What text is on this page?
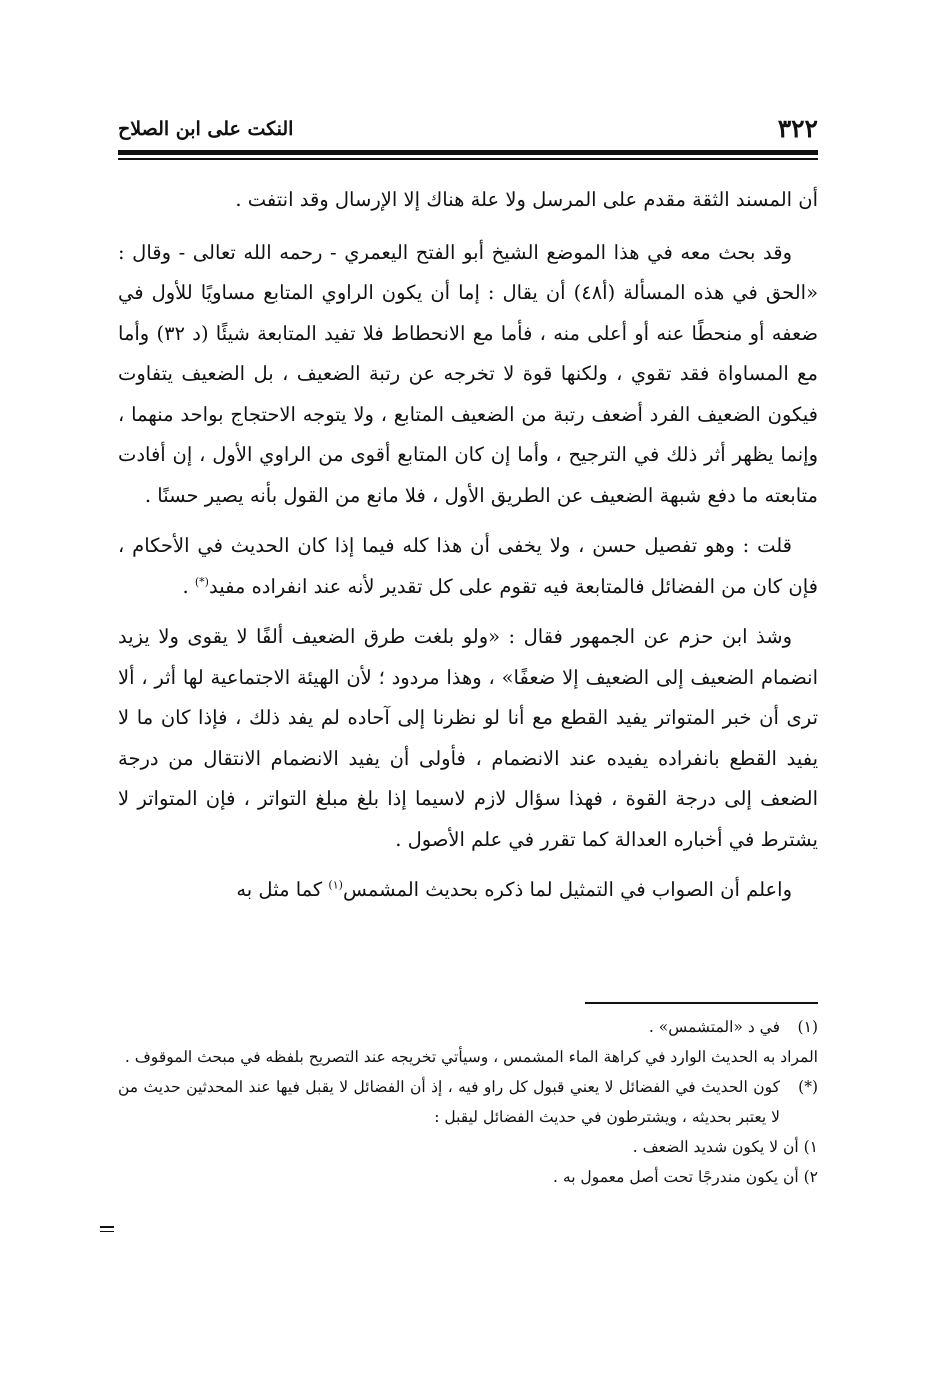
٣٢٢
النكت على ابن الصلاح

أن المسند الثقة مقدم على المرسل ولا علة هناك إلا الإرسال وقد انتفت .

وقد بحث معه في هذا الموضع الشيخ أبو الفتح اليعمري - رحمه الله تعالى - وقال : «الحق في هذه المسألة (أ٤٨) أن يقال : إما أن يكون الراوي المتابع مساويًا للأول في ضعفه أو منحطًا عنه أو أعلى منه ، فأما مع الانحطاط فلا تفيد المتابعة شيئًا (د ٣٢) وأما مع المساواة فقد تقوي ، ولكنها قوة لا تخرجه عن رتبة الضعيف ، بل الضعيف يتفاوت فيكون الضعيف الفرد أضعف رتبة من الضعيف المتابع ، ولا يتوجه الاحتجاج بواحد منهما ، وإنما يظهر أثر ذلك في الترجيح ، وأما إن كان المتابع أقوى من الراوي الأول ، إن أفادت متابعته ما دفع شبهة الضعيف عن الطريق الأول ، فلا مانع من القول بأنه يصير حسنًا .

قلت : وهو تفصيل حسن ، ولا يخفى أن هذا كله فيما إذا كان الحديث في الأحكام ، فإن كان من الفضائل فالمتابعة فيه تقوم على كل تقدير لأنه عند انفراده مفيد(*) .

وشذ ابن حزم عن الجمهور فقال : «ولو بلغت طرق الضعيف ألفًا لا يقوى ولا يزيد انضمام الضعيف إلى الضعيف إلا ضعفًا» ، وهذا مردود ؛ لأن الهيئة الاجتماعية لها أثر ، ألا ترى أن خبر المتواتر يفيد القطع مع أنا لو نظرنا إلى آحاده لم يفد ذلك ، فإذا كان ما لا يفيد القطع بانفراده يفيده عند الانضمام ، فأولى أن يفيد الانضمام الانتقال من درجة الضعف إلى درجة القوة ، فهذا سؤال لازم لاسيما إذا بلغ مبلغ التواتر ، فإن المتواتر لا يشترط في أخباره العدالة كما تقرر في علم الأصول .

واعلم أن الصواب في التمثيل لما ذكره بحديث المشمس$^{(١)}$ كما مثل به

(١)
في د «المتشمس» .
المراد به الحديث الوارد في كراهة الماء المشمس ، وسيأتي تخريجه عند التصريح بلفظه في مبحث الموقوف .
(*)
كون الحديث في الفضائل لا يعني قبول كل راو فيه ، إذ أن الفضائل لا يقبل فيها عند المحدثين حديث من لا يعتبر بحديثه ، ويشترطون في حديث الفضائل ليقبل :
١) أن لا يكون شديد الضعف .
٢) أن يكون مندرجًا تحت أصل معمول به .
